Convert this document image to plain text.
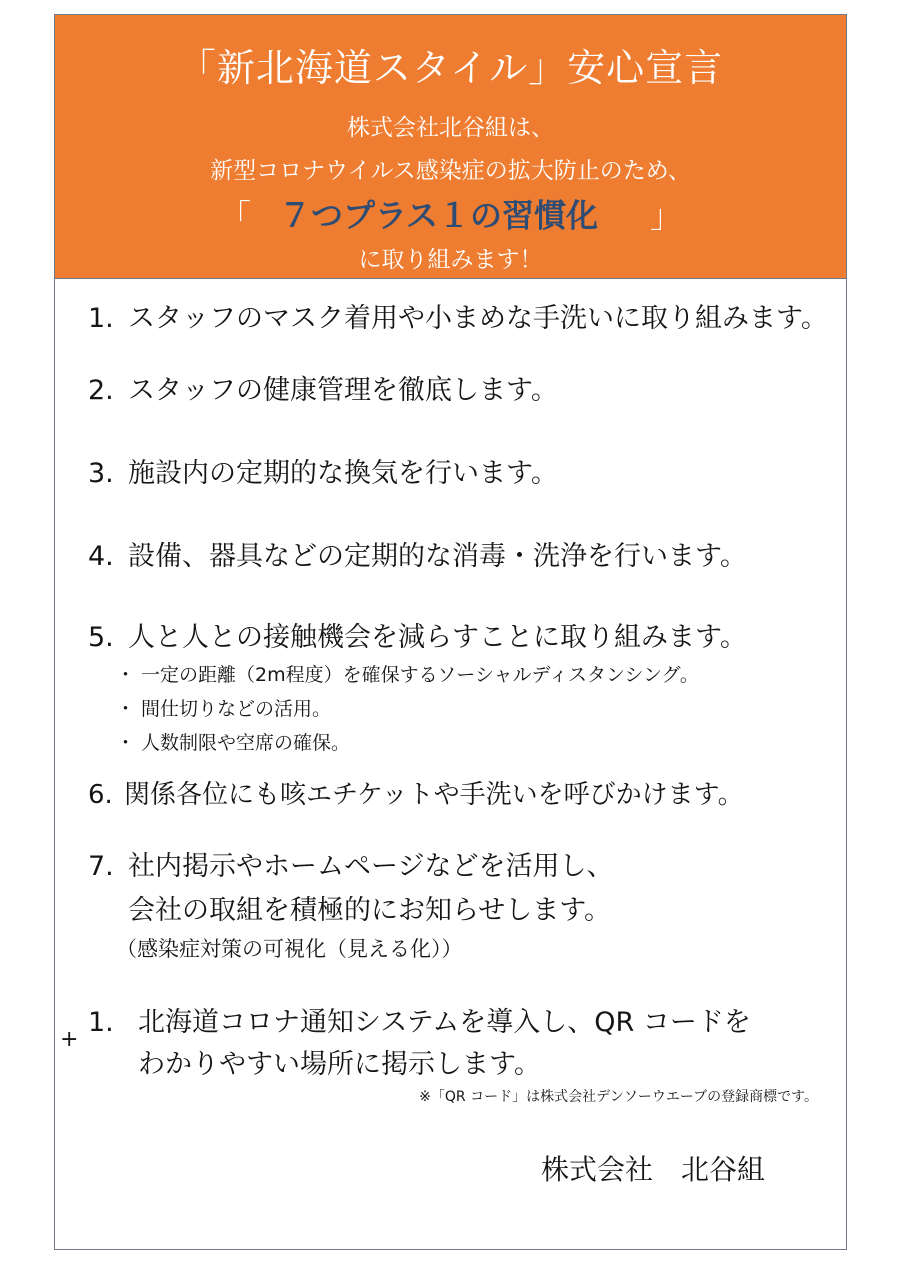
「新北海道スタイル」安心宣言
株式会社北谷組は、
新型コロナウイルス感染症の拡大防止のため、
「 ７つプラス１の習慣化 」
に取り組みます！
1. スタッフのマスク着用や小まめな手洗いに取り組みます。
2. スタッフの健康管理を徹底します。
3. 施設内の定期的な換気を行います。
4. 設備、器具などの定期的な消毒・洗浄を行います。
5. 人と人との接触機会を減らすことに取り組みます。
・ 一定の距離（2m程度）を確保するソーシャルディスタンシング。
・ 間仕切りなどの活用。
・ 人数制限や空席の確保。
6. 関係各位にも咳エチケットや手洗いを呼びかけます。
7. 社内掲示やホームページなどを活用し、
会社の取組を積極的にお知らせします。
（感染症対策の可視化（見える化））
+
1. 北海道コロナ通知システムを導入し、QR コードを
わかりやすい場所に掲示します。
※「QR コード」は株式会社デンソーウエーブの登録商標です。
株式会社　北谷組
